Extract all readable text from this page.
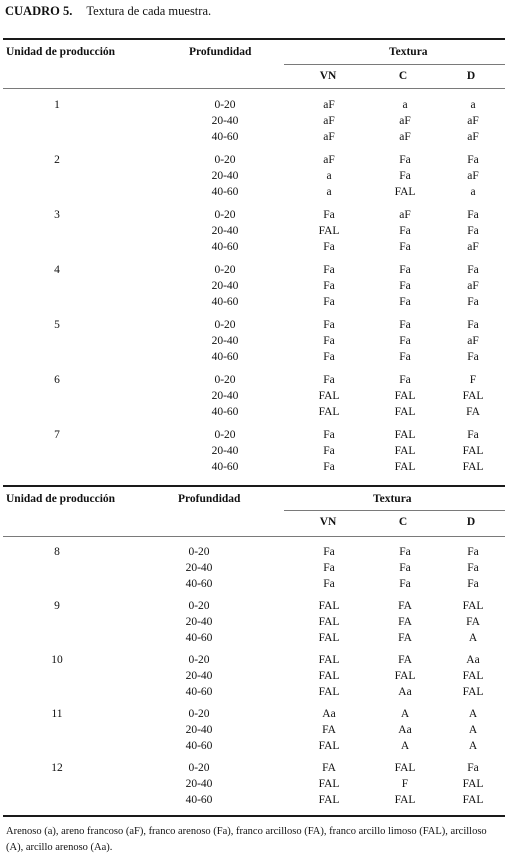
CUADRO 5. Textura de cada muestra.
Unidad de producción	Profundidad	Textura
VN	C	D
1	0-20	aF	a	a
20-40	aF	aF	aF
40-60	aF	aF	aF
2	0-20	aF	Fa	Fa
20-40	a	Fa	aF
40-60	a	FAL	a
3	0-20	Fa	aF	Fa
20-40	FAL	Fa	Fa
40-60	Fa	Fa	aF
4	0-20	Fa	Fa	Fa
20-40	Fa	Fa	aF
40-60	Fa	Fa	Fa
5	0-20	Fa	Fa	Fa
20-40	Fa	Fa	aF
40-60	Fa	Fa	Fa
6	0-20	Fa	Fa	F
20-40	FAL	FAL	FAL
40-60	FAL	FAL	FA
7	0-20	Fa	FAL	Fa
20-40	Fa	FAL	FAL
40-60	Fa	FAL	FAL
Unidad de producción	Profundidad	Textura
VN	C	D
8	0-20	Fa	Fa	Fa
20-40	Fa	Fa	Fa
40-60	Fa	Fa	Fa
9	0-20	FAL	FA	FAL
20-40	FAL	FA	FA
40-60	FAL	FA	A
10	0-20	FAL	FA	Aa
20-40	FAL	FAL	FAL
40-60	FAL	Aa	FAL
11	0-20	Aa	A	A
20-40	FA	Aa	A
40-60	FAL	A	A
12	0-20	FA	FAL	Fa
20-40	FAL	F	FAL
40-60	FAL	FAL	FAL
Arenoso (a), areno francoso (aF), franco arenoso (Fa), franco arcilloso (FA), franco arcillo limoso (FAL), arcilloso (A), arcillo arenoso (Aa).
